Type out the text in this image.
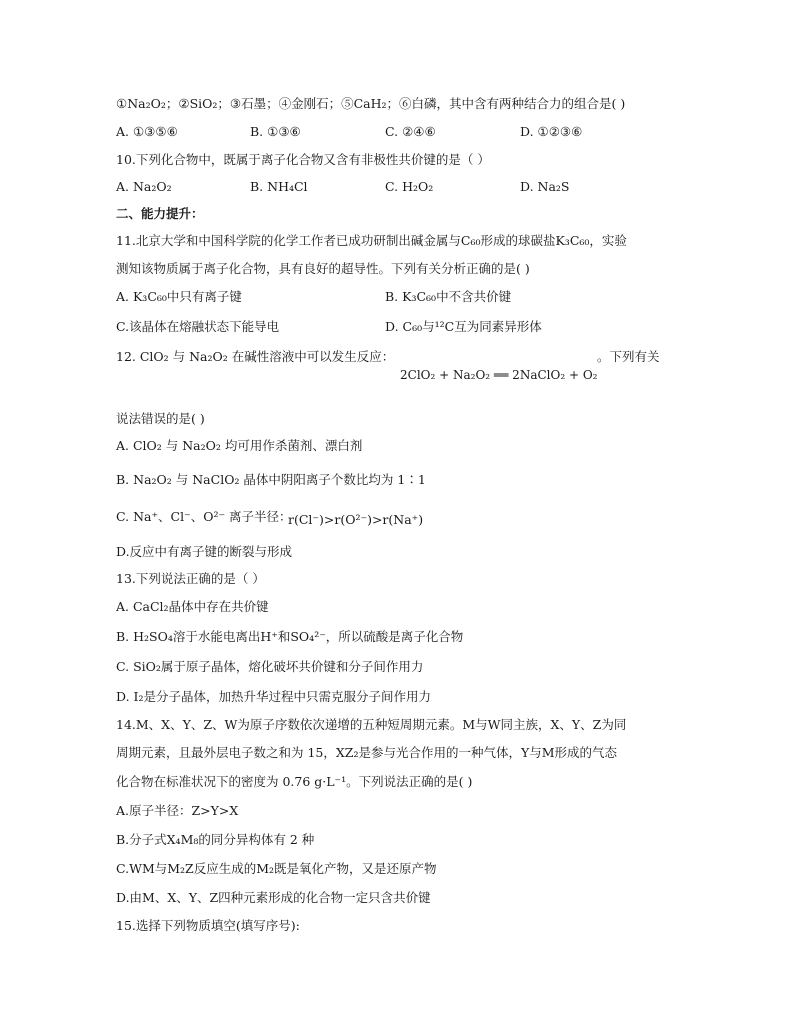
①Na₂O₂；②SiO₂；③石墨；④金刚石；⑤CaH₂；⑥白磷，其中含有两种结合力的组合是( )
A. ①③⑤⑥	B. ①③⑥	C. ②④⑥	D. ①②③⑥
10.下列化合物中，既属于离子化合物又含有非极性共价键的是（ ）
A. Na₂O₂	B. NH₄Cl	C. H₂O₂	D. Na₂S
二、能力提升：
11.北京大学和中国科学院的化学工作者已成功研制出碱金属与C₆₀形成的球碳盐K₃C₆₀，实验
测知该物质属于离子化合物，具有良好的超导性。下列有关分析正确的是( )
A. K₃C₆₀中只有离子键	B. K₃C₆₀中不含共价键
C.该晶体在熔融状态下能导电	D. C₆₀与¹²C互为同素异形体
12. ClO₂ 与 Na₂O₂ 在碱性溶液中可以发生反应：
2ClO₂ + Na₂O₂ ══ 2NaClO₂ + O₂
。下列有关
说法错误的是( )
A. ClO₂ 与 Na₂O₂ 均可用作杀菌剂、漂白剂
B. Na₂O₂ 与 NaClO₂ 晶体中阴阳离子个数比均为 1∶1
C. Na⁺、Cl⁻、O²⁻ 离子半径：
r(Cl⁻)>r(O²⁻)>r(Na⁺)
D.反应中有离子键的断裂与形成
13.下列说法正确的是（ ）
A. CaCl₂晶体中存在共价键
B. H₂SO₄溶于水能电离出H⁺和SO₄²⁻，所以硫酸是离子化合物
C. SiO₂属于原子晶体，熔化破坏共价键和分子间作用力
D. I₂是分子晶体，加热升华过程中只需克服分子间作用力
14.M、X、Y、Z、W为原子序数依次递增的五种短周期元素。M与W同主族，X、Y、Z为同
周期元素，且最外层电子数之和为 15，XZ₂是参与光合作用的一种气体，Y与M形成的气态
化合物在标准状况下的密度为 0.76 g·L⁻¹。下列说法正确的是( )
A.原子半径：Z>Y>X
B.分子式X₄M₈的同分异构体有 2 种
C.WM与M₂Z反应生成的M₂既是氧化产物，又是还原产物
D.由M、X、Y、Z四种元素形成的化合物一定只含共价键
15.选择下列物质填空(填写序号):
